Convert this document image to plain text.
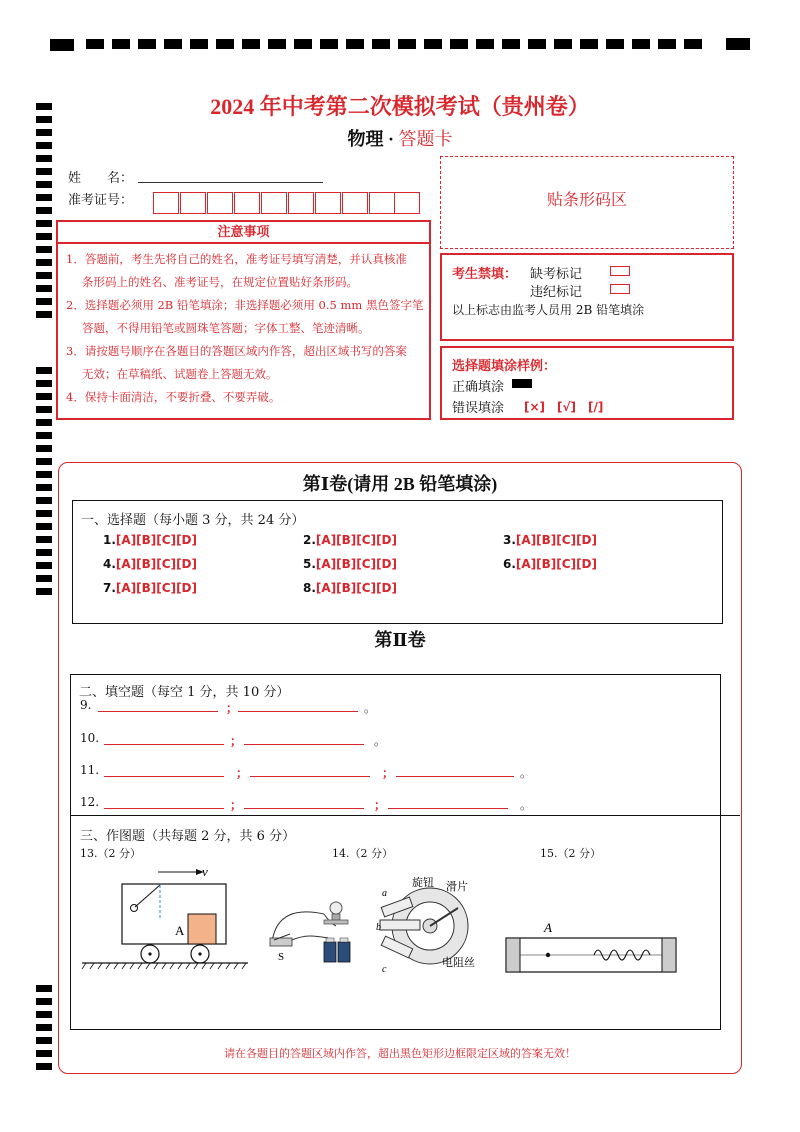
2024 年中考第二次模拟考试（贵州卷）
物理 · 答题卡
姓　　名：
准考证号：
注意事项
1．答题前，考生先将自己的姓名，准考证号填写清楚，并认真核准
条形码上的姓名、准考证号，在规定位置贴好条形码。
2．选择题必须用 2B 铅笔填涂；非选择题必须用 0.5 mm 黑色签字笔
答题，不得用铅笔或圆珠笔答题；字体工整、笔迹清晰。
3．请按题号顺序在各题目的答题区域内作答，超出区域书写的答案
无效；在草稿纸、试题卷上答题无效。
4．保持卡面清洁，不要折叠、不要弄破。
贴条形码区
考生禁填： 缺考标记
违纪标记
以上标志由监考人员用 2B 铅笔填涂
选择题填涂样例：
正确填涂
错误填涂 [×]　[√]　[/]
第Ⅰ卷(请用 2B 铅笔填涂)
一、选择题（每小题 3 分，共 24 分）
1.[A][B][C][D]	2.[A][B][C][D]	3.[A][B][C][D]
4.[A][B][C][D]	5.[A][B][C][D]	6.[A][B][C][D]
7.[A][B][C][D]	8.[A][B][C][D]
第Ⅱ卷
二、填空题（每空 1 分，共 10 分）
9.	；	。
10.	；	。
11.	；	；	。
12.	；	；	。
三、作图题（共每题 2 分，共 6 分）
13.（2 分）	14.（2 分）	15.（2 分）
v
A
S
a
b
c
旋钮 滑片
电阻丝
A
请在各题目的答题区域内作答，超出黑色矩形边框限定区域的答案无效！
